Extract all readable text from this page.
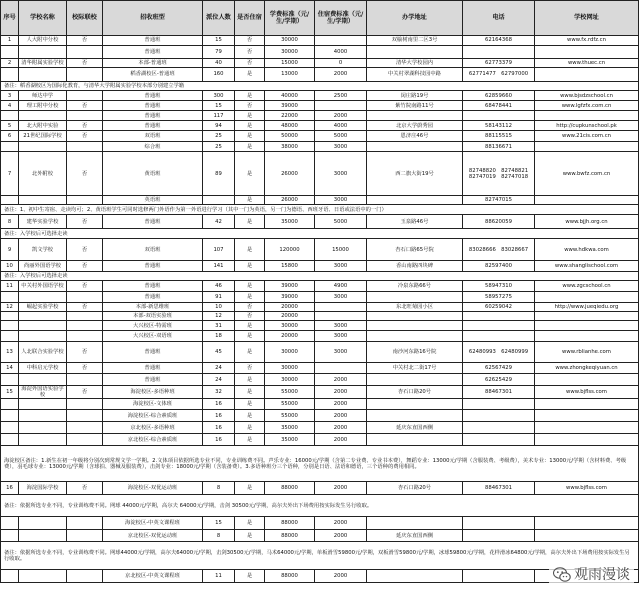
序号	学校名称	校际联校	招收班型	派位人数	是否住宿	学费标准（元/生/学期）	住宿费标准（元/生/学期）	办学地址	电话	学校网址
1	人大附中分校	否	普通班	15	否	30000		双榆树南里二区3号	62164368	www.fx.rdfz.cn
			普通班	79	否	30000	4000			
2	清华附属实验学校	否	本部-普通班	40	否	15000	0	清华大学校园内	62773379	www.thuec.cn
			稻香湖校区-普通班	160	是	13000	2000	中关村翠湖科技园中路	62771477　62797000	
备注：稻香湖校区为国际化教育，与清华大学附属实验学校本部分别建立学籍										
3	师达中学		普通班	300	是	40000	2500	闵庄路19号	62859660	www.bjsdzschool.cn
4	理工附中分校	否	普通班	15	否	39000		紫竹院南路11号	68478441	www.lgfzfx.com.cn
			普通班	117	是	22000	2000			
5	北大附中实验	否	普通班	94	是	48000	4000	北京大学蔚秀园	58143112	http://cupkunschool.pk
6	21世纪国际学校	否	双语班	25	是	50000	5000	恩济庄46号	88115515	www.21cis.com.cn
			综合班	25	是	38000	3000		88136671	
7	北外附校	否	黄语班	89	是	26000	3000	西二旗大街19号	82748820　82748821　82747019　82747018	www.bwfz.com.cn
			英语班		是	26000	3000		82747015	
备注：1、初中生寄宿、走读均可；2、黄语班学生可同时选修两门外语作为第一外语进行学习（其中一门为英语，另一门为德语、西班牙语、日语或法语中的一门）										
8	建华实验学校	否	普通班	42	是	35000	5000	玉泉路46号	88620059	www.bjjh.org.cn
备注：入学校后可选择走读										
9	凯文学校	否	双语班	107	是	120000	15000	杏石口路65号院	83028666　83028667	www.hdkwa.com
10	尚丽外国语学校	否	普通班	141	是	15800	3000	香山南路四块碑	82597400	www.shanglischool.com
备注：入学校后可选择走读										
11	中关村外国语学校	否	普通班	46	是	39000	4900	冷泉东路66号	58947310	www.zgcschool.cn
			普通班	91	是	39000	3000		58957275	
12	崛起实验学校	否	本部-新思维班	10	否	20000		东北旺菊园小区	60259042	http://www.jueqiedu.org
			本部-双语实验班	12	否	20000				
			大兴校区-特需班	31	是	30000	3000			
			大兴校区-双语班	18	是	20000	3000			
13	人北联合实验学校	否	普通班	45	是	30000	3000	南沙河东路16号院	62480993　62480999	www.rblianhe.com
14	中科启元学校	否	普通班	24	否	30000		中关村北二街17号	62567429	www.zhongkeqiyuan.cn
			普通班	24	是	30000	2000		62625429	
15	海淀外国语实验学校	否	海淀校区-多语种班	32	是	55000	2000	杏石口路20号	88467301	www.bjflss.com
			海淀校区-文体班	16	是	55000	2000			
			海淀校区-综合素质班	16	是	55000	2000			
			京北校区-多语种班	16	是	35000	2000	延庆东直国西侧		
			京北校区-综合素质班	16	是	35000	2000			
海淀校区备注：1.新生在初一年级将分别次到常规文学一学期。2.文体项目依据所选专业不同，专业训练费不同。声乐专业：16000元/学期（含第二专业费、专业书本费），舞蹈专业：13000元/学期（含服装费、考级费），美术专业：13000元/学期（含材料费、考级费），羽毛球专业：13000元/学期（含球拍、器械及服装费），击剑专业：18000元/学期（含装备费）。3.多语种班分三个语种，分别是日语、法语和德语，三个语种的费用相同。										
16	海淀国际学校	否	海淀校区-双优运动班	8	是	88000	2000	杏石口路20号	88467301	www.bjflss.com
备注：依据所选专业不同，专业训练费不同。网球 44000元/学期，高尔夫 64000元/学期，击剑 30500元/学期，高尔夫外出下场费用按实际发生另行收取。										
			海淀校区-中英文课程班	15	是	88000	2000			
			京北校区-双优运动班	8	是	88000	2000	延庆东直国西侧		
备注：依据所选专业不同，专业训练费不同。网球44000元/学期，高尔夫64000元/学期，击剑30500元/学期，马术64000元/学期，单板滑雪59800元/学期，双板滑雪59800元/学期，冰球59800元/学期，花样滑冰64800元/学期，高尔夫外出下场费用按实际发生另行收取。										
			京北校区-中英文课程班	11	是	88000	2000				观雨漫谈
